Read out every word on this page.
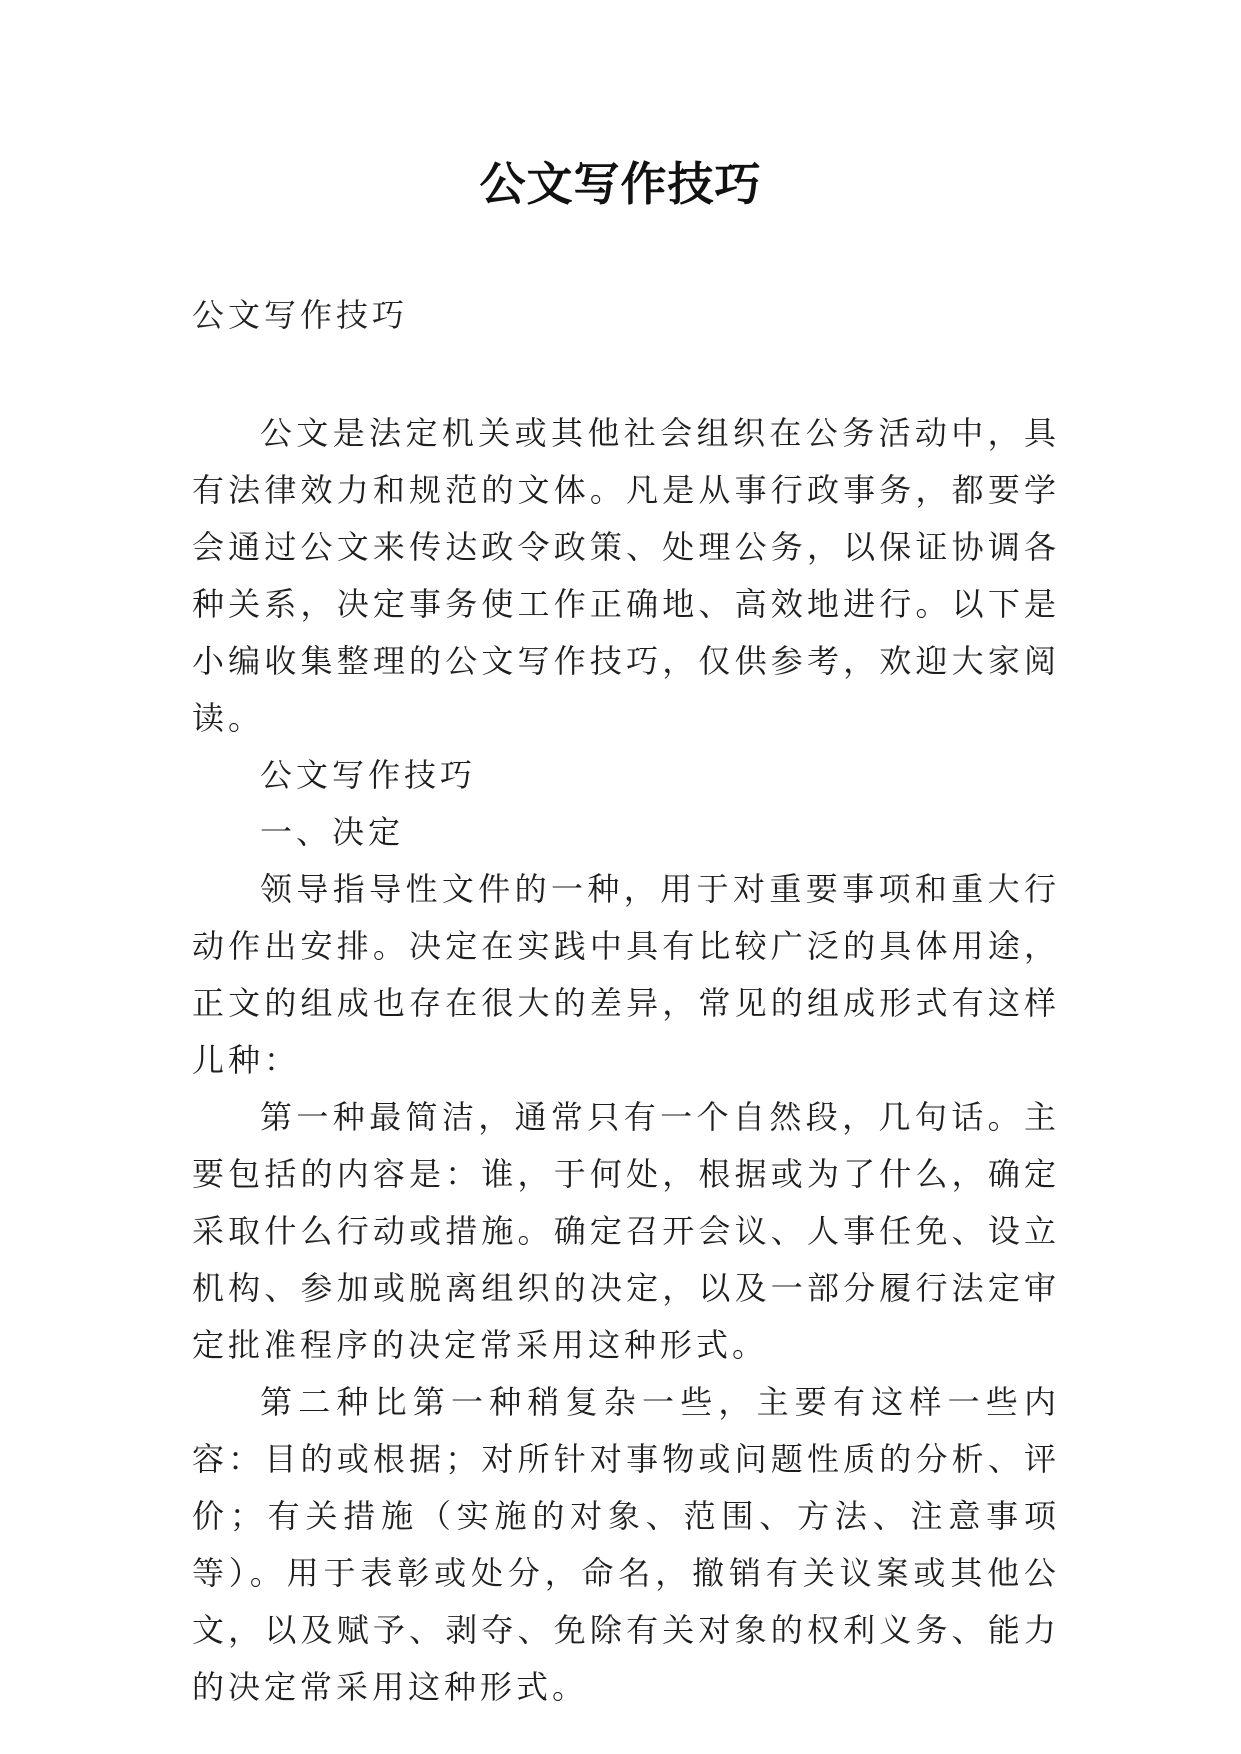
公文写作技巧
公文写作技巧

公文是法定机关或其他社会组织在公务活动中，具有法律效力和规范的文体。凡是从事行政事务，都要学会通过公文来传达政令政策、处理公务，以保证协调各种关系，决定事务使工作正确地、高效地进行。以下是小编收集整理的公文写作技巧，仅供参考，欢迎大家阅读。

公文写作技巧

一、决定

领导指导性文件的一种，用于对重要事项和重大行动作出安排。决定在实践中具有比较广泛的具体用途，正文的组成也存在很大的差异，常见的组成形式有这样儿种：

第一种最简洁，通常只有一个自然段，几句话。主要包括的内容是：谁，于何处，根据或为了什么，确定采取什么行动或措施。确定召开会议、人事任免、设立机构、参加或脱离组织的决定，以及一部分履行法定审定批准程序的决定常采用这种形式。

第二种比第一种稍复杂一些，主要有这样一些内容：目的或根据；对所针对事物或问题性质的分析、评价；有关措施（实施的对象、范围、方法、注意事项等）。用于表彰或处分，命名，撤销有关议案或其他公文，以及赋予、剥夺、免除有关对象的权利义务、能力的决定常采用这种形式。
